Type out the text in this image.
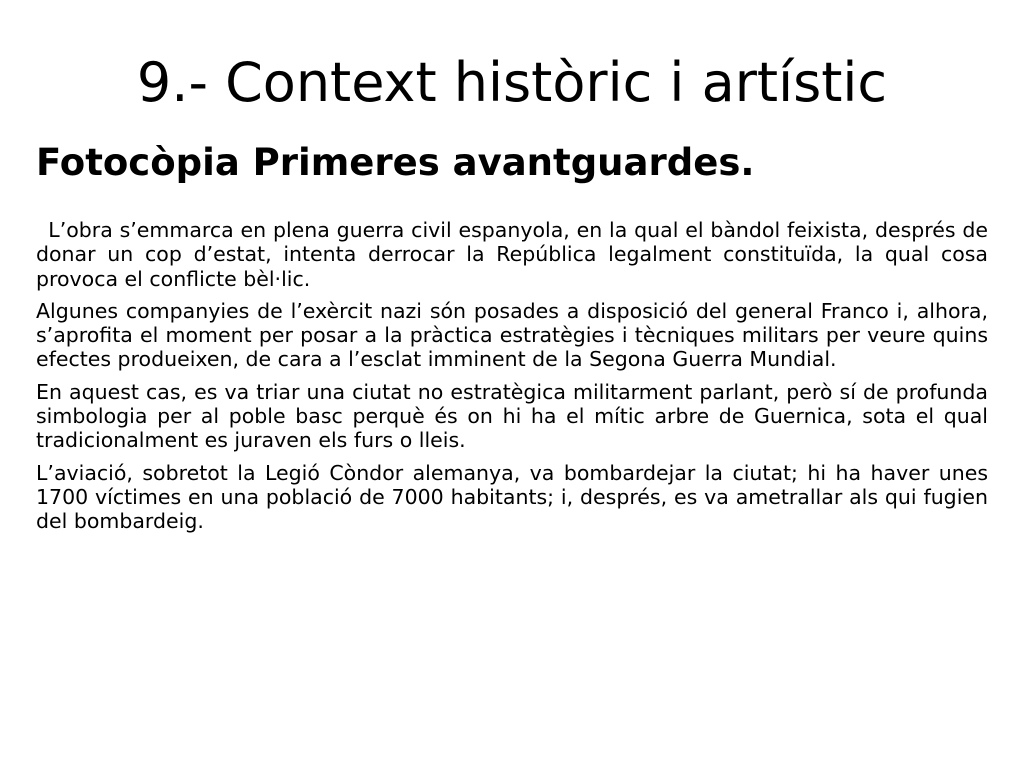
9.- Context històric i artístic
Fotocòpia Primeres avantguardes.

L’obra s’emmarca en plena guerra civil espanyola, en la qual el bàndol feixista, després de donar un cop d’estat, intenta derrocar la República legalment constituïda, la qual cosa provoca el conflicte bèl·lic.

Algunes companyies de l’exèrcit nazi són posades a disposició del general Franco i, alhora, s’aprofita el moment per posar a la pràctica estratègies i tècniques militars per veure quins efectes produeixen, de cara a l’esclat imminent de la Segona Guerra Mundial.

En aquest cas, es va triar una ciutat no estratègica militarment parlant, però sí de profunda simbologia per al poble basc perquè és on hi ha el mític arbre de Guernica, sota el qual tradicionalment es juraven els furs o lleis.

L’aviació, sobretot la Legió Còndor alemanya, va bombardejar la ciutat; hi ha haver unes 1700 víctimes en una població de 7000 habitants; i, després, es va ametrallar als qui fugien del bombardeig.
